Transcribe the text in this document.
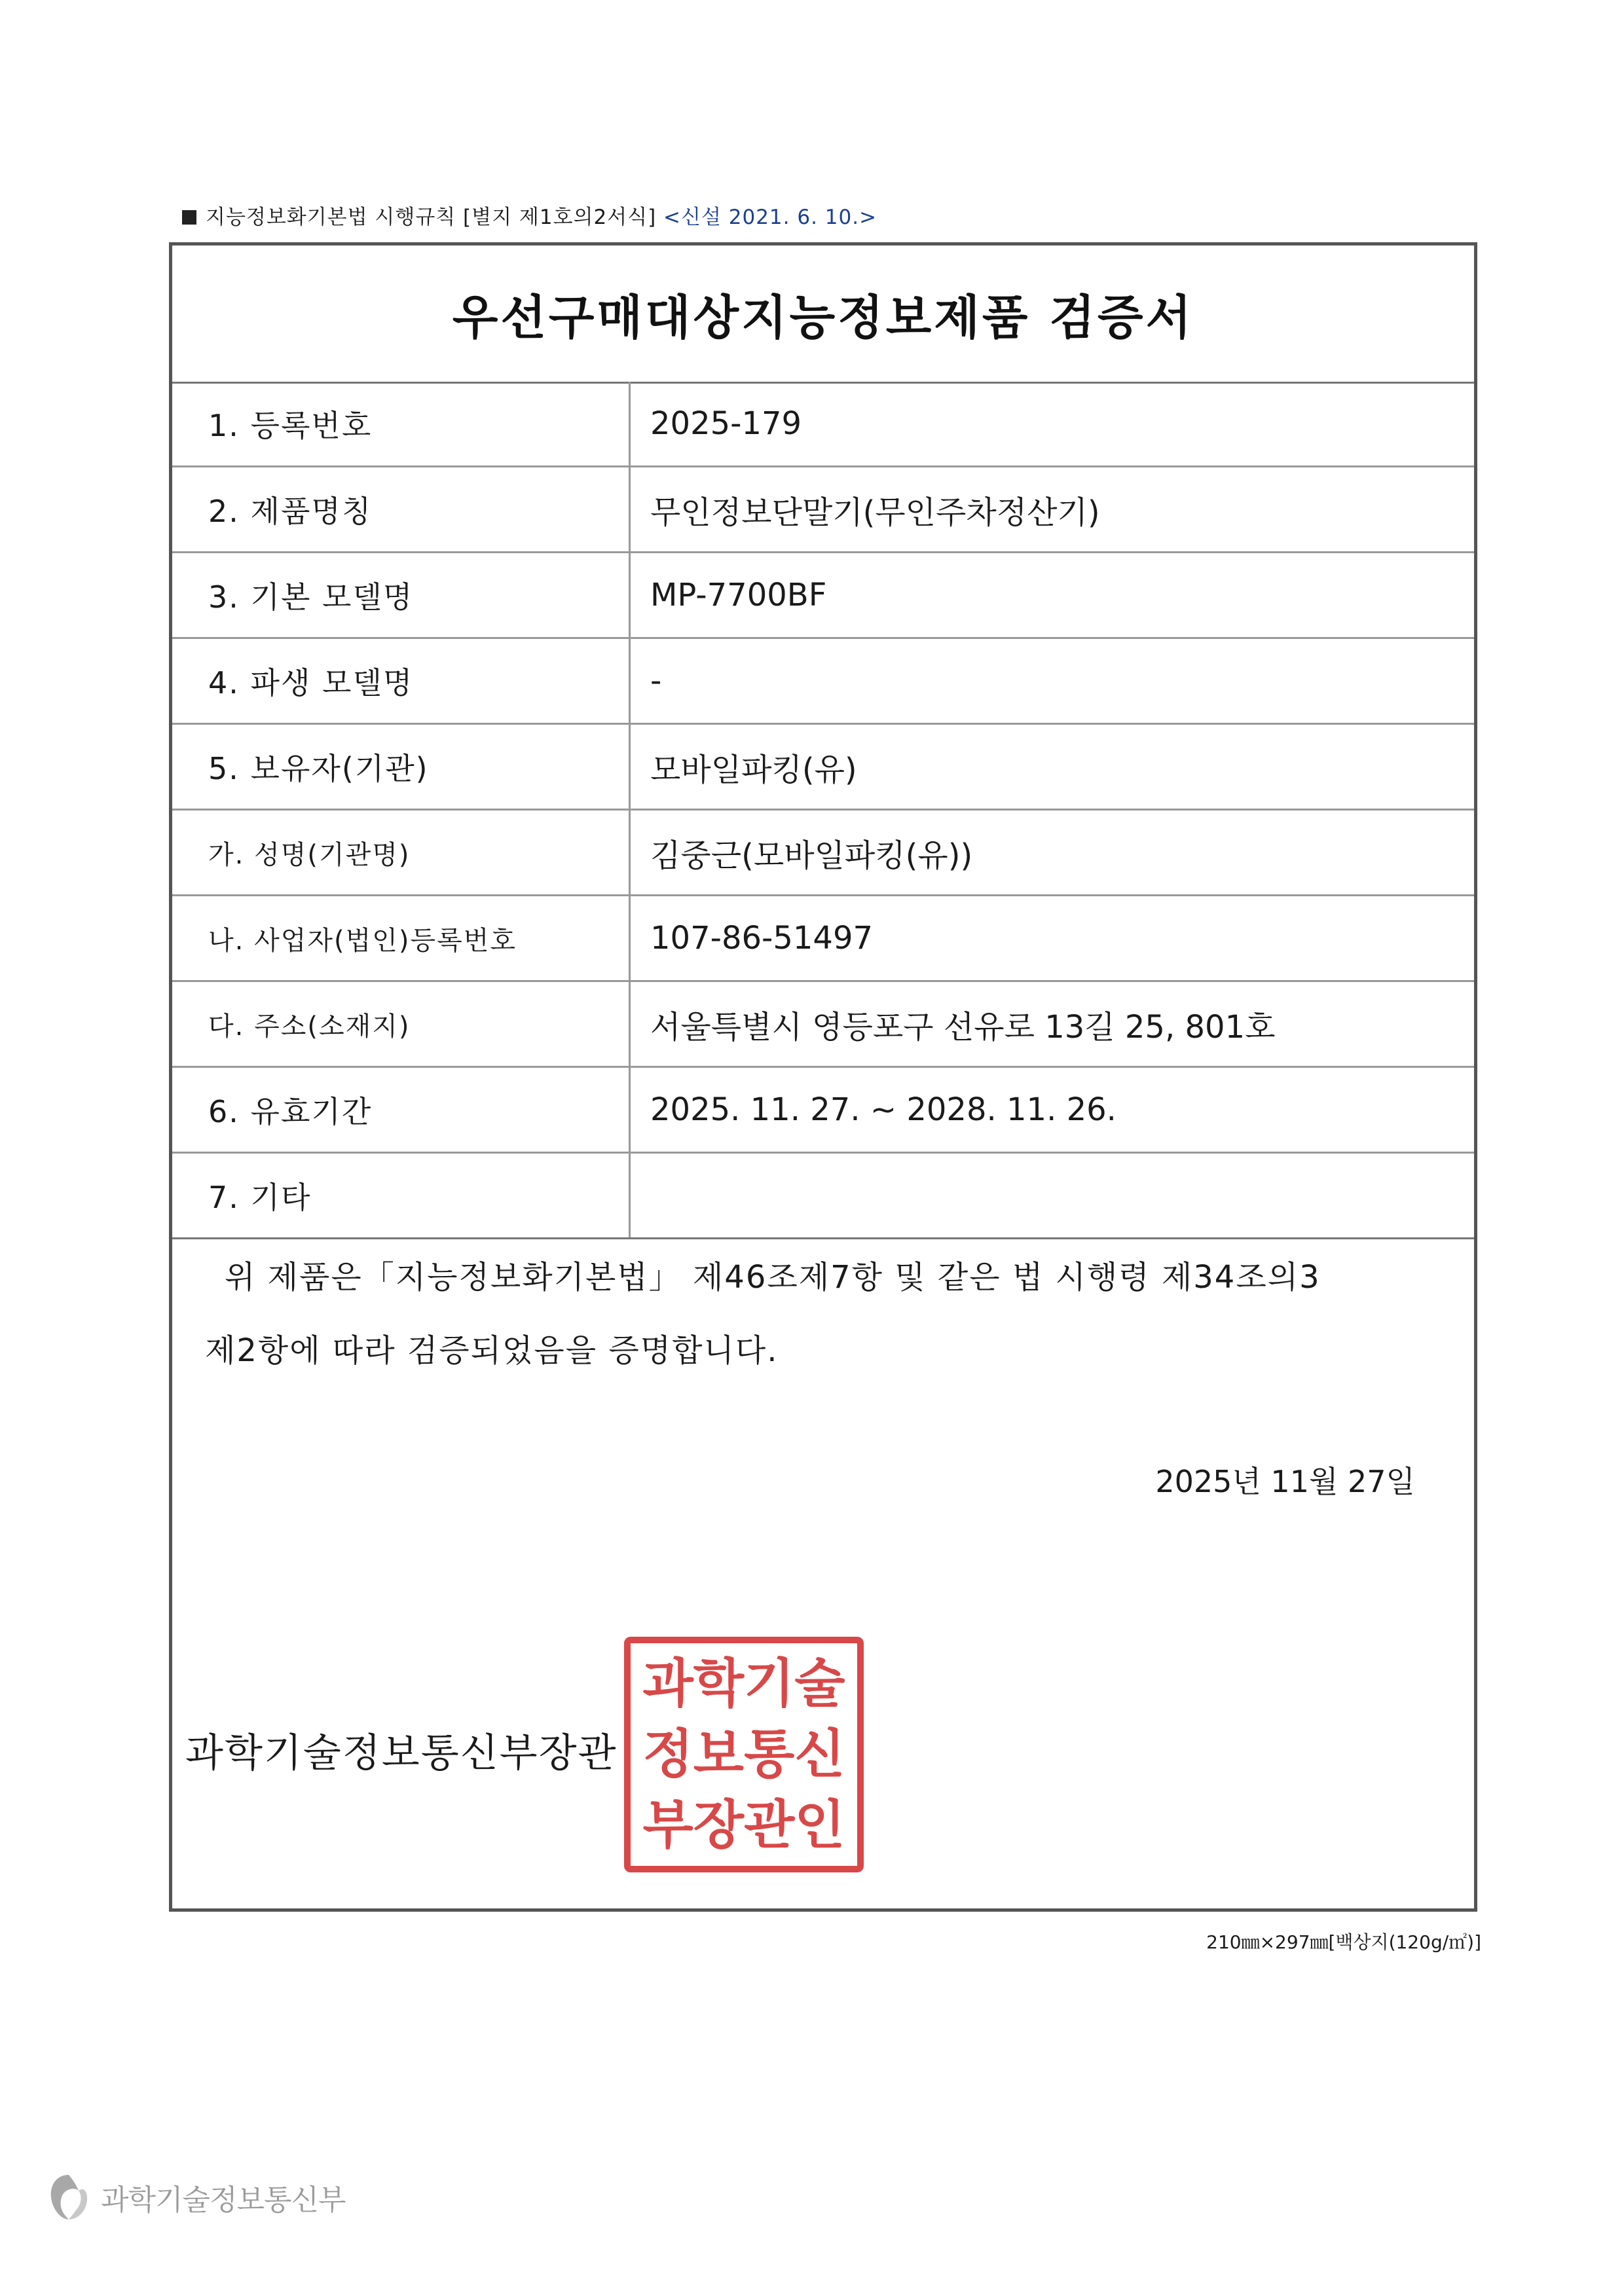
지능정보화기본법 시행규칙 [별지 제1호의2서식] <신설 2021. 6. 10.>
우선구매대상지능정보제품 검증서
1. 등록번호	2025-179
2. 제품명칭	무인정보단말기(무인주차정산기)
3. 기본 모델명	MP-7700BF
4. 파생 모델명	-
5. 보유자(기관)	모바일파킹(유)
가. 성명(기관명)	김중근(모바일파킹(유))
나. 사업자(법인)등록번호	107-86-51497
다. 주소(소재지)	서울특별시 영등포구 선유로 13길 25, 801호
6. 유효기간	2025. 11. 27. ~ 2028. 11. 26.
7. 기타
위 제품은「지능정보화기본법」 제46조제7항 및 같은 법 시행령 제34조의3
제2항에 따라 검증되었음을 증명합니다.
2025년 11월 27일
과학기술정보통신부장관
과학기술
정보통신
부장관인
210㎜×297㎜[백상지(120g/㎡)]
과학기술정보통신부
